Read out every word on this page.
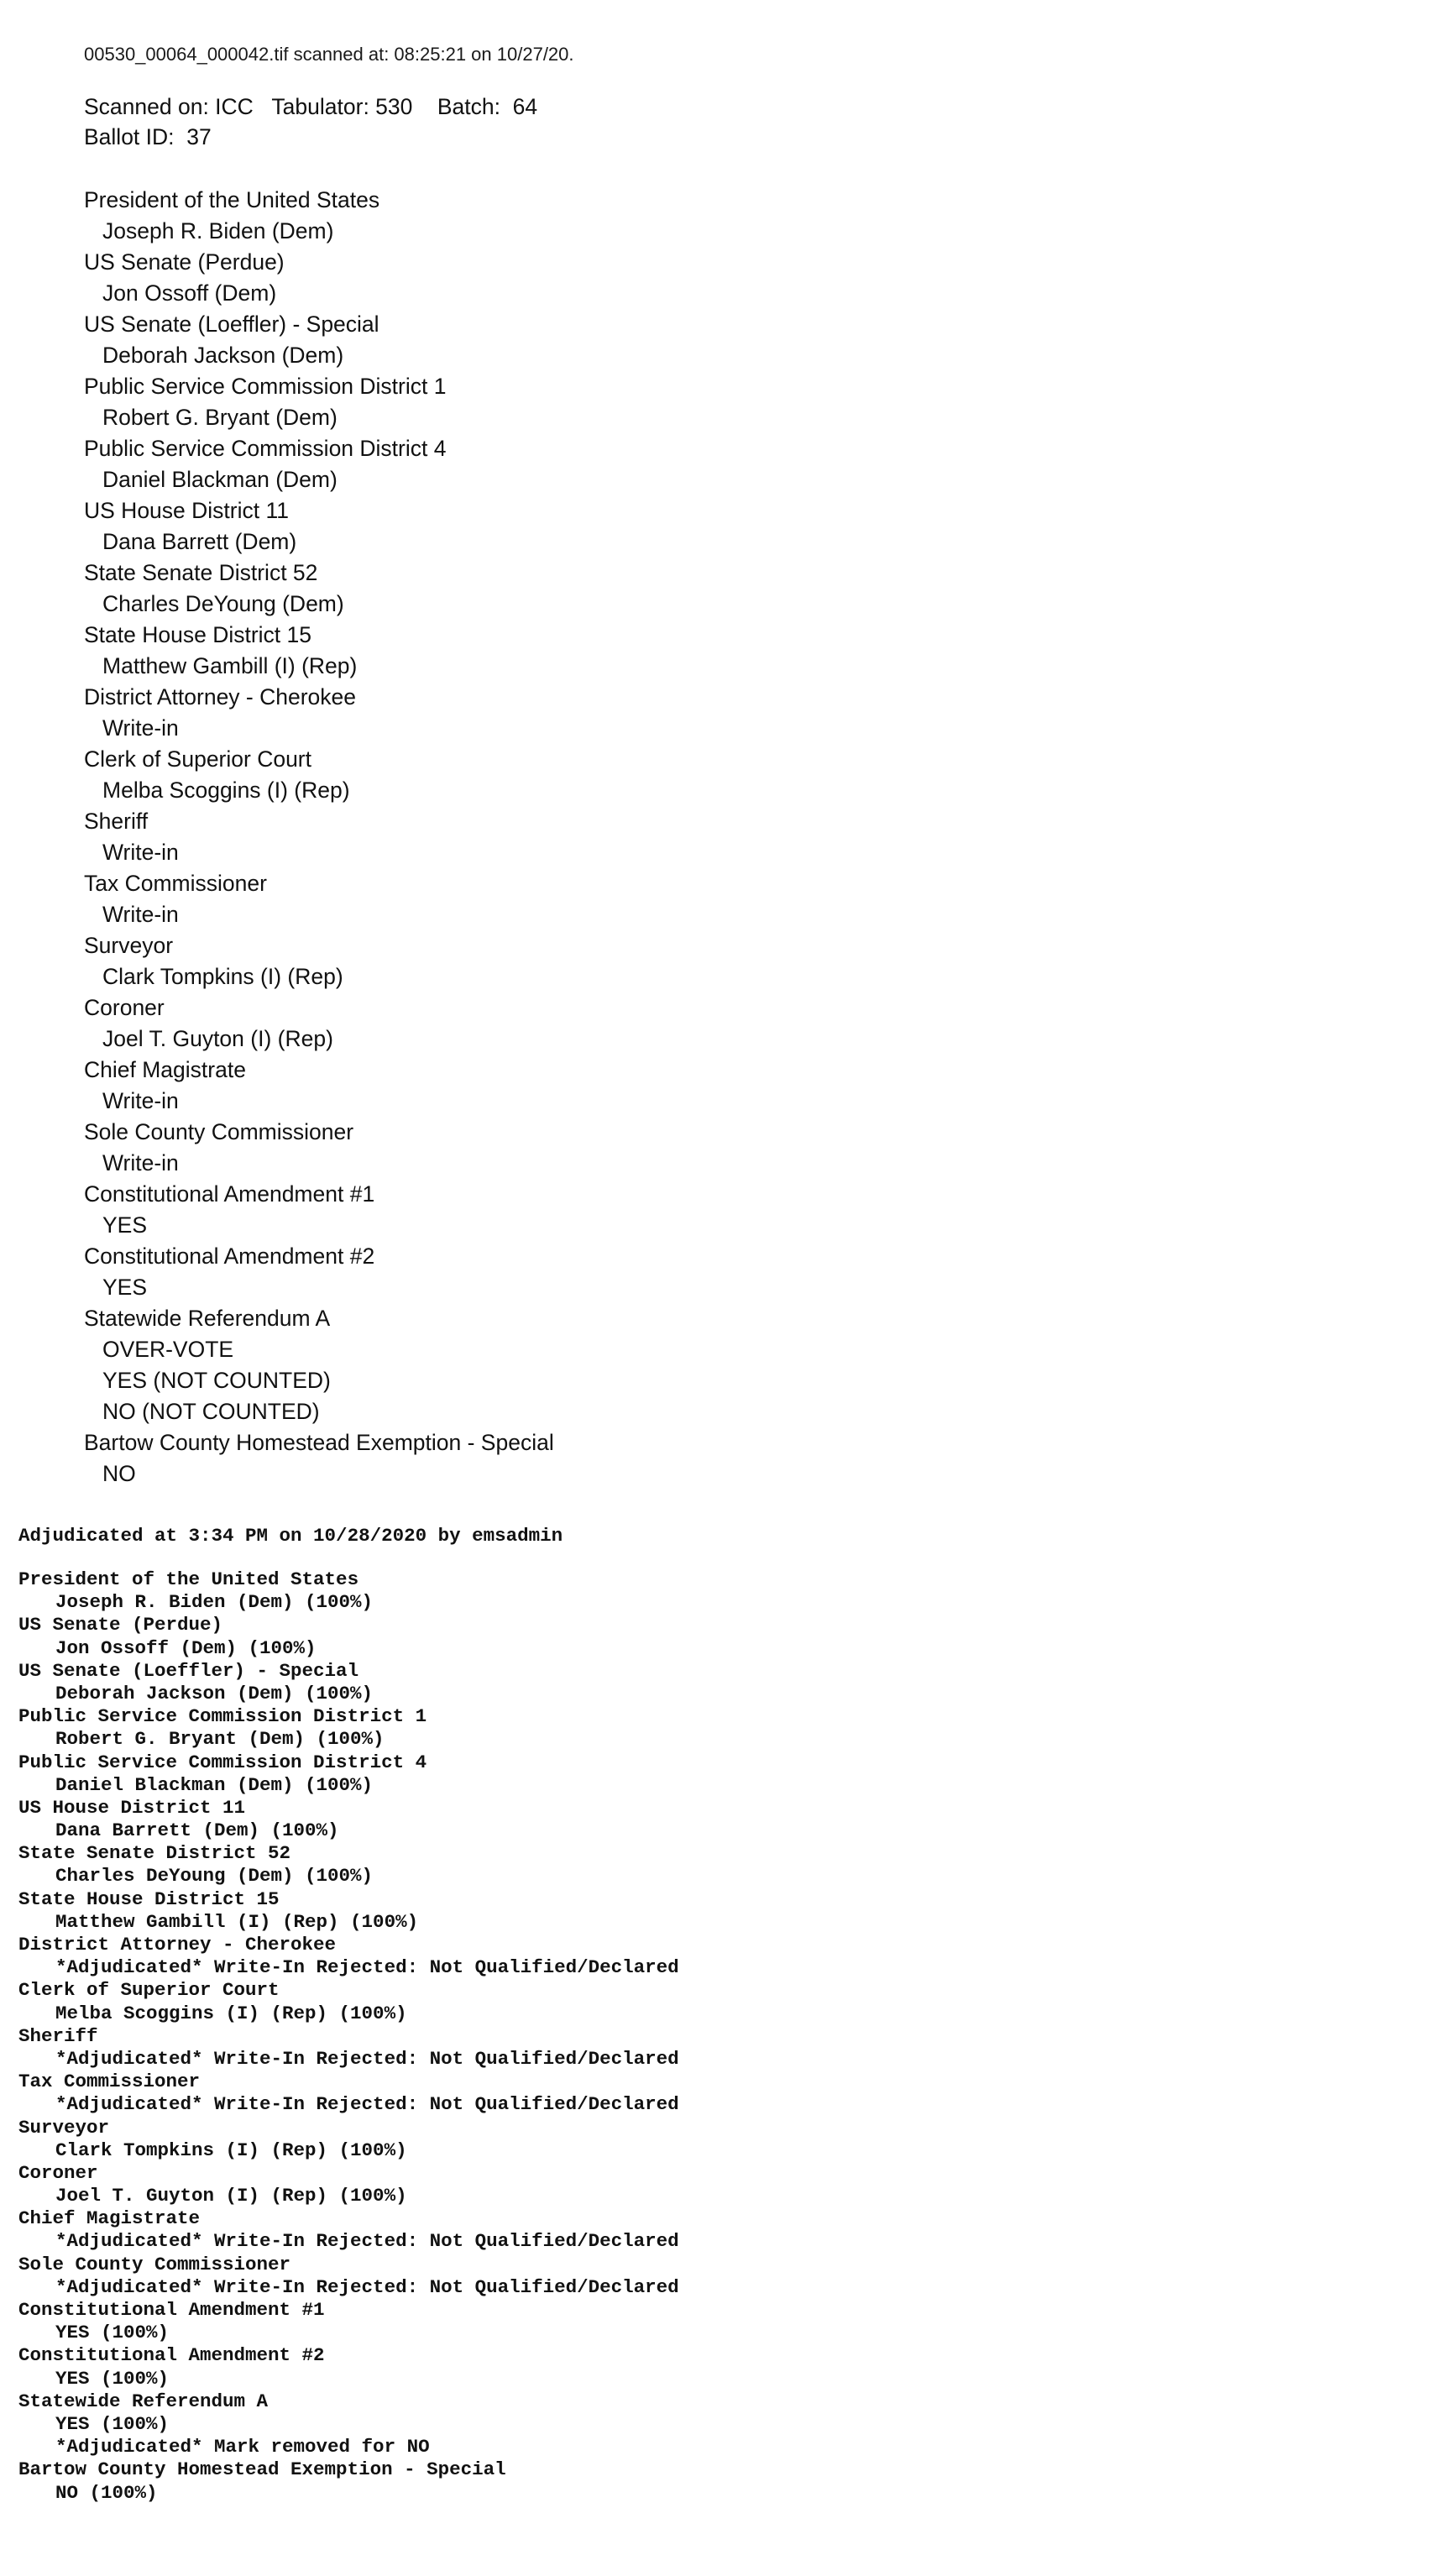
00530_00064_000042.tif scanned at: 08:25:21 on 10/27/20.
Scanned on: ICC   Tabulator: 530    Batch:  64
Ballot ID:  37
President of the United States
Joseph R. Biden (Dem)
US Senate (Perdue)
Jon Ossoff (Dem)
US Senate (Loeffler) - Special
Deborah Jackson (Dem)
Public Service Commission District 1
Robert G. Bryant (Dem)
Public Service Commission District 4
Daniel Blackman (Dem)
US House District 11
Dana Barrett (Dem)
State Senate District 52
Charles DeYoung (Dem)
State House District 15
Matthew Gambill (I) (Rep)
District Attorney - Cherokee
Write-in
Clerk of Superior Court
Melba Scoggins (I) (Rep)
Sheriff
Write-in
Tax Commissioner
Write-in
Surveyor
Clark Tompkins (I) (Rep)
Coroner
Joel T. Guyton (I) (Rep)
Chief Magistrate
Write-in
Sole County Commissioner
Write-in
Constitutional Amendment #1
YES
Constitutional Amendment #2
YES
Statewide Referendum A
OVER-VOTE
YES (NOT COUNTED)
NO (NOT COUNTED)
Bartow County Homestead Exemption - Special
NO
Adjudicated at 3:34 PM on 10/28/2020 by emsadmin
President of the United States
Joseph R. Biden (Dem) (100%)
US Senate (Perdue)
Jon Ossoff (Dem) (100%)
US Senate (Loeffler) - Special
Deborah Jackson (Dem) (100%)
Public Service Commission District 1
Robert G. Bryant (Dem) (100%)
Public Service Commission District 4
Daniel Blackman (Dem) (100%)
US House District 11
Dana Barrett (Dem) (100%)
State Senate District 52
Charles DeYoung (Dem) (100%)
State House District 15
Matthew Gambill (I) (Rep) (100%)
District Attorney - Cherokee
*Adjudicated* Write-In Rejected: Not Qualified/Declared
Clerk of Superior Court
Melba Scoggins (I) (Rep) (100%)
Sheriff
*Adjudicated* Write-In Rejected: Not Qualified/Declared
Tax Commissioner
*Adjudicated* Write-In Rejected: Not Qualified/Declared
Surveyor
Clark Tompkins (I) (Rep) (100%)
Coroner
Joel T. Guyton (I) (Rep) (100%)
Chief Magistrate
*Adjudicated* Write-In Rejected: Not Qualified/Declared
Sole County Commissioner
*Adjudicated* Write-In Rejected: Not Qualified/Declared
Constitutional Amendment #1
YES (100%)
Constitutional Amendment #2
YES (100%)
Statewide Referendum A
YES (100%)
*Adjudicated* Mark removed for NO
Bartow County Homestead Exemption - Special
NO (100%)
